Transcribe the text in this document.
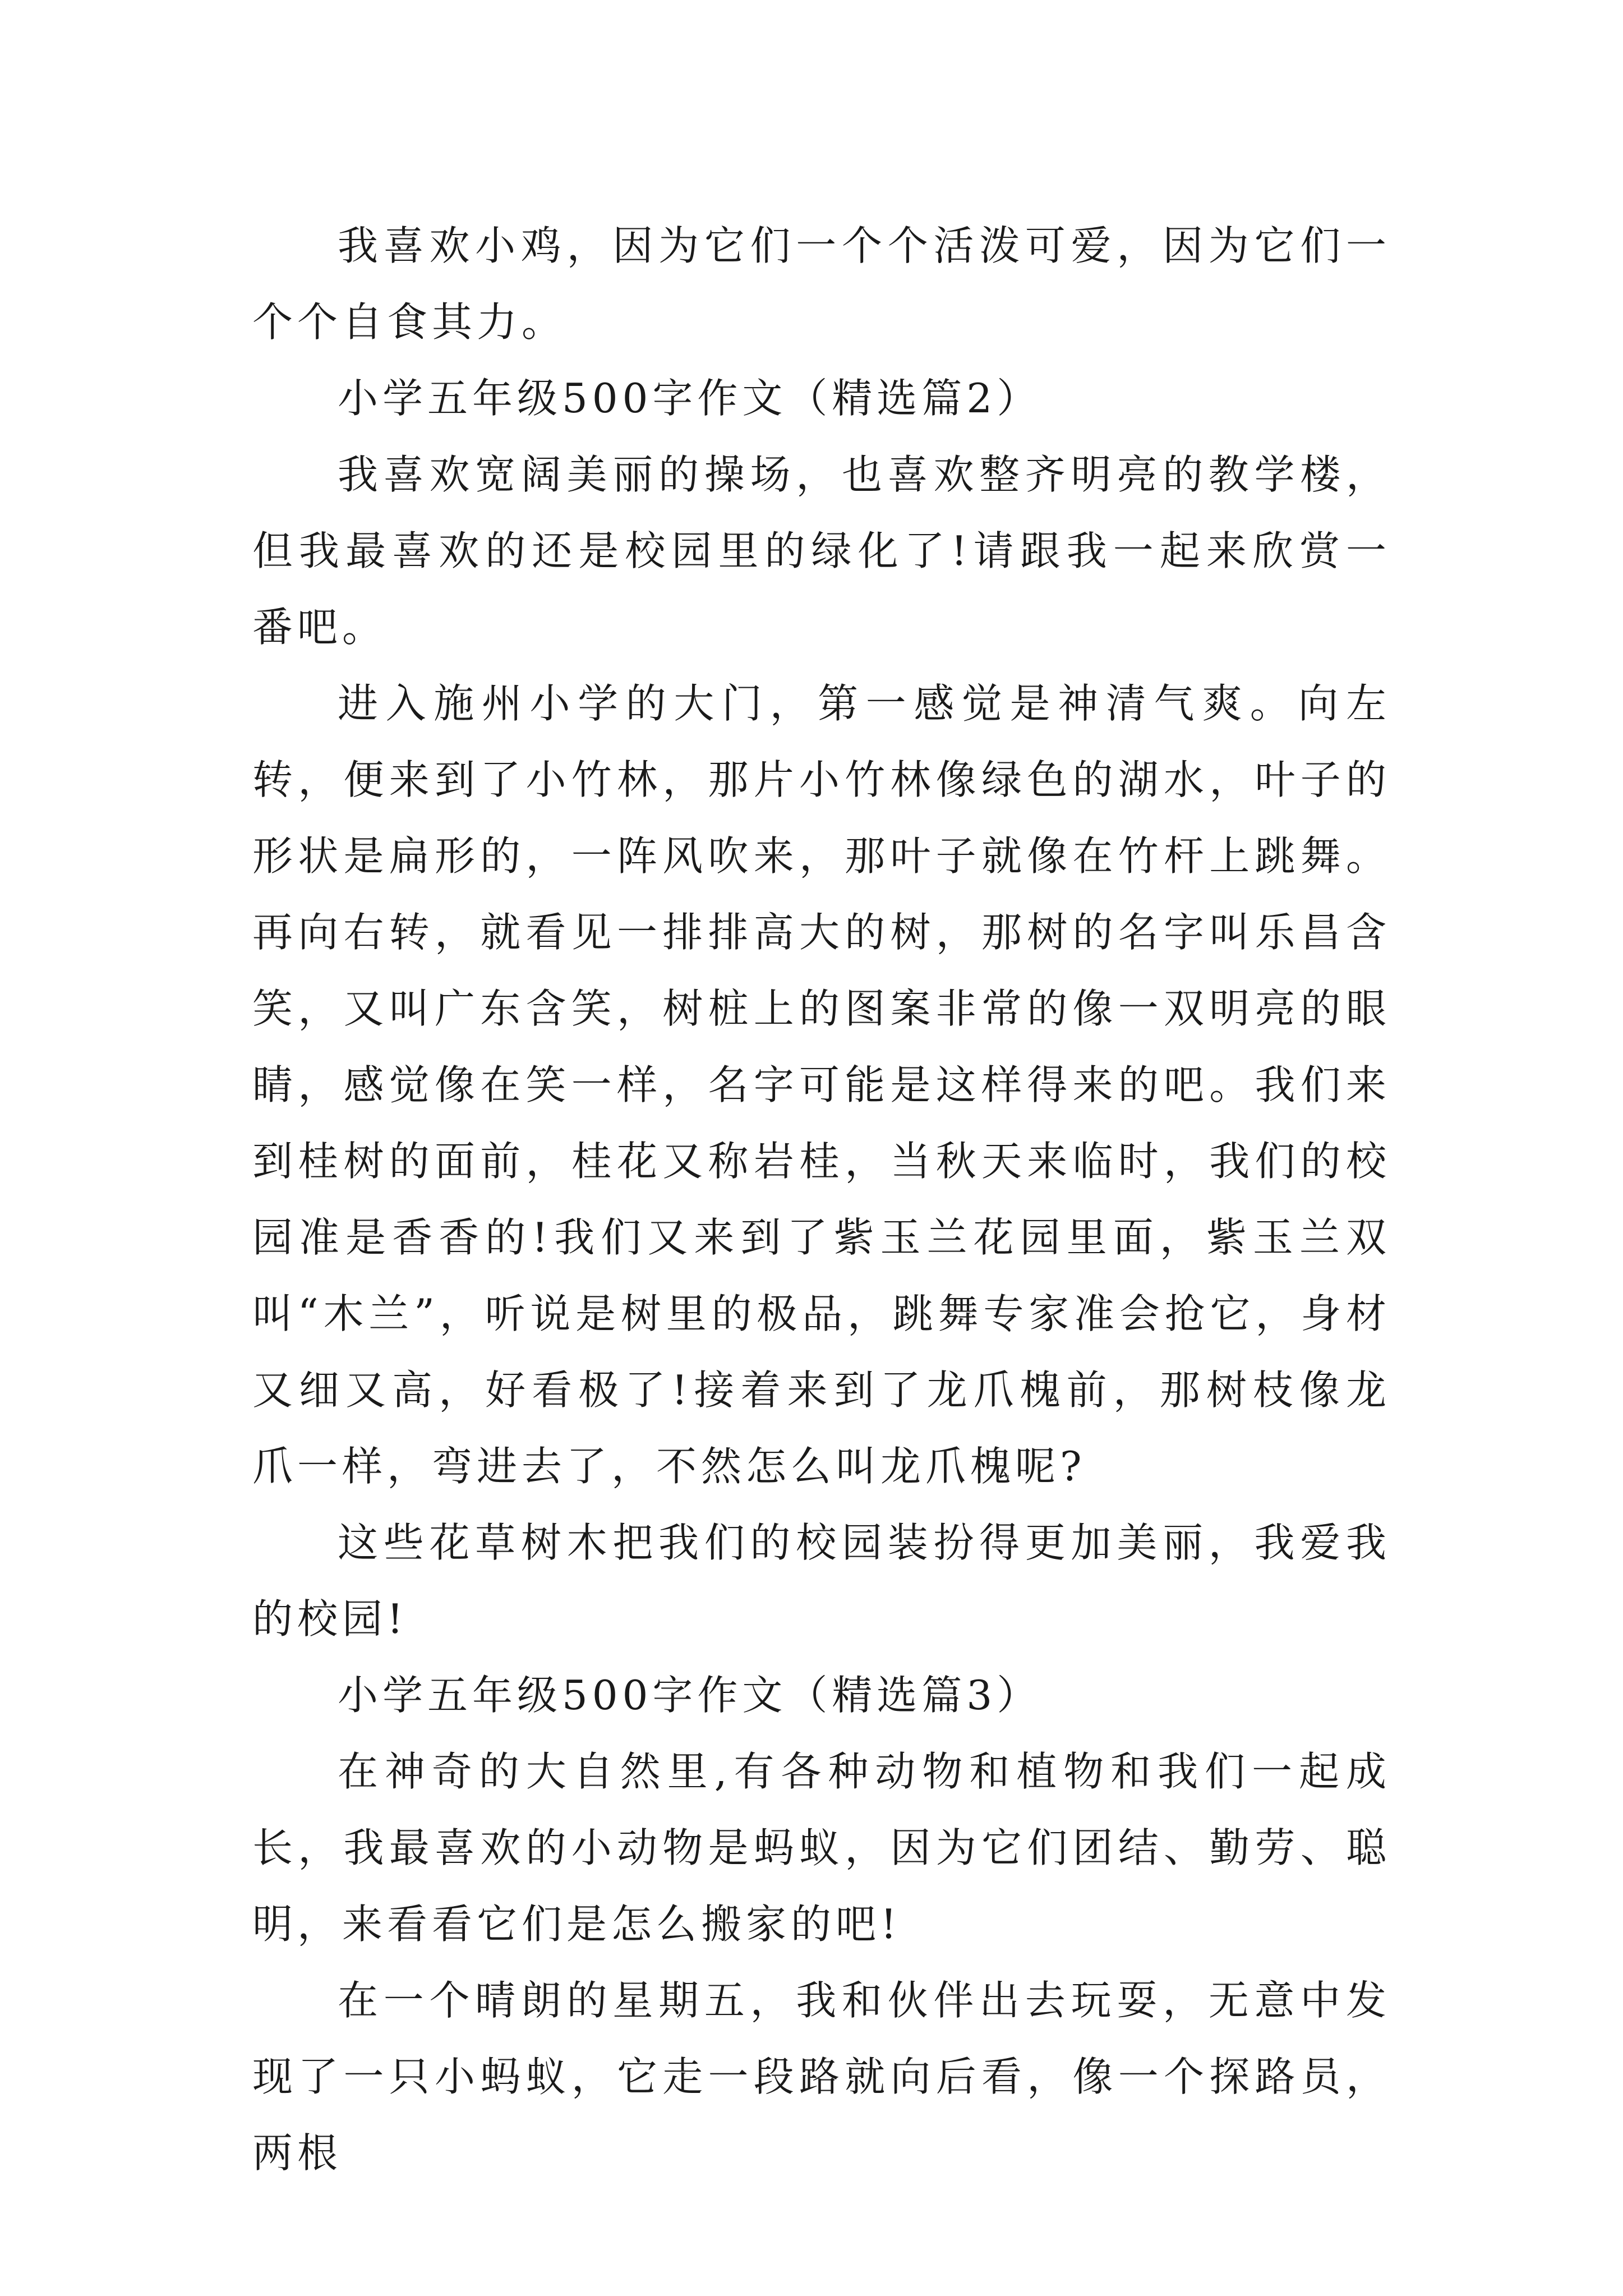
我喜欢小鸡，因为它们一个个活泼可爱，因为它们一个个自食其力。

小学五年级500字作文（精选篇2）

我喜欢宽阔美丽的操场，也喜欢整齐明亮的教学楼，但我最喜欢的还是校园里的绿化了!请跟我一起来欣赏一番吧。

进入施州小学的大门，第一感觉是神清气爽。向左转，便来到了小竹林，那片小竹林像绿色的湖水，叶子的形状是扁形的，一阵风吹来，那叶子就像在竹杆上跳舞。再向右转，就看见一排排高大的树，那树的名字叫乐昌含笑，又叫广东含笑，树桩上的图案非常的像一双明亮的眼睛，感觉像在笑一样，名字可能是这样得来的吧。我们来到桂树的面前，桂花又称岩桂，当秋天来临时，我们的校园准是香香的!我们又来到了紫玉兰花园里面，紫玉兰双叫“木兰”，听说是树里的极品，跳舞专家准会抢它，身材又细又高，好看极了!接着来到了龙爪槐前，那树枝像龙爪一样，弯进去了，不然怎么叫龙爪槐呢?

这些花草树木把我们的校园装扮得更加美丽，我爱我的校园!

小学五年级500字作文（精选篇3）

在神奇的大自然里,有各种动物和植物和我们一起成长，我最喜欢的小动物是蚂蚁，因为它们团结、勤劳、聪明，来看看它们是怎么搬家的吧!

在一个晴朗的星期五，我和伙伴出去玩耍，无意中发现了一只小蚂蚁，它走一段路就向后看，像一个探路员，两根
